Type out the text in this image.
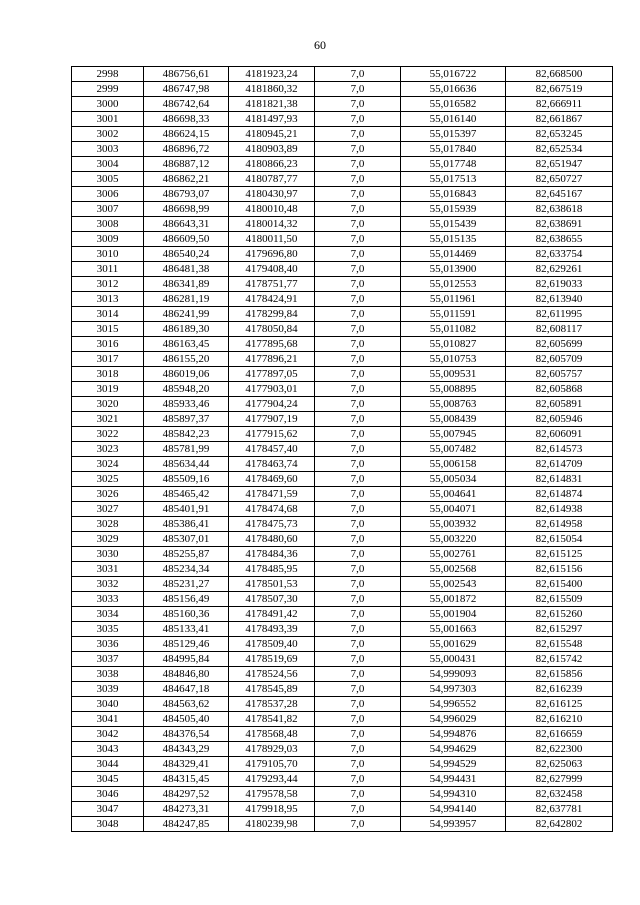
60
2998	486756,61	4181923,24	7,0	55,016722	82,668500
2999	486747,98	4181860,32	7,0	55,016636	82,667519
3000	486742,64	4181821,38	7,0	55,016582	82,666911
3001	486698,33	4181497,93	7,0	55,016140	82,661867
3002	486624,15	4180945,21	7,0	55,015397	82,653245
3003	486896,72	4180903,89	7,0	55,017840	82,652534
3004	486887,12	4180866,23	7,0	55,017748	82,651947
3005	486862,21	4180787,77	7,0	55,017513	82,650727
3006	486793,07	4180430,97	7,0	55,016843	82,645167
3007	486698,99	4180010,48	7,0	55,015939	82,638618
3008	486643,31	4180014,32	7,0	55,015439	82,638691
3009	486609,50	4180011,50	7,0	55,015135	82,638655
3010	486540,24	4179696,80	7,0	55,014469	82,633754
3011	486481,38	4179408,40	7,0	55,013900	82,629261
3012	486341,89	4178751,77	7,0	55,012553	82,619033
3013	486281,19	4178424,91	7,0	55,011961	82,613940
3014	486241,99	4178299,84	7,0	55,011591	82,611995
3015	486189,30	4178050,84	7,0	55,011082	82,608117
3016	486163,45	4177895,68	7,0	55,010827	82,605699
3017	486155,20	4177896,21	7,0	55,010753	82,605709
3018	486019,06	4177897,05	7,0	55,009531	82,605757
3019	485948,20	4177903,01	7,0	55,008895	82,605868
3020	485933,46	4177904,24	7,0	55,008763	82,605891
3021	485897,37	4177907,19	7,0	55,008439	82,605946
3022	485842,23	4177915,62	7,0	55,007945	82,606091
3023	485781,99	4178457,40	7,0	55,007482	82,614573
3024	485634,44	4178463,74	7,0	55,006158	82,614709
3025	485509,16	4178469,60	7,0	55,005034	82,614831
3026	485465,42	4178471,59	7,0	55,004641	82,614874
3027	485401,91	4178474,68	7,0	55,004071	82,614938
3028	485386,41	4178475,73	7,0	55,003932	82,614958
3029	485307,01	4178480,60	7,0	55,003220	82,615054
3030	485255,87	4178484,36	7,0	55,002761	82,615125
3031	485234,34	4178485,95	7,0	55,002568	82,615156
3032	485231,27	4178501,53	7,0	55,002543	82,615400
3033	485156,49	4178507,30	7,0	55,001872	82,615509
3034	485160,36	4178491,42	7,0	55,001904	82,615260
3035	485133,41	4178493,39	7,0	55,001663	82,615297
3036	485129,46	4178509,40	7,0	55,001629	82,615548
3037	484995,84	4178519,69	7,0	55,000431	82,615742
3038	484846,80	4178524,56	7,0	54,999093	82,615856
3039	484647,18	4178545,89	7,0	54,997303	82,616239
3040	484563,62	4178537,28	7,0	54,996552	82,616125
3041	484505,40	4178541,82	7,0	54,996029	82,616210
3042	484376,54	4178568,48	7,0	54,994876	82,616659
3043	484343,29	4178929,03	7,0	54,994629	82,622300
3044	484329,41	4179105,70	7,0	54,994529	82,625063
3045	484315,45	4179293,44	7,0	54,994431	82,627999
3046	484297,52	4179578,58	7,0	54,994310	82,632458
3047	484273,31	4179918,95	7,0	54,994140	82,637781
3048	484247,85	4180239,98	7,0	54,993957	82,642802
